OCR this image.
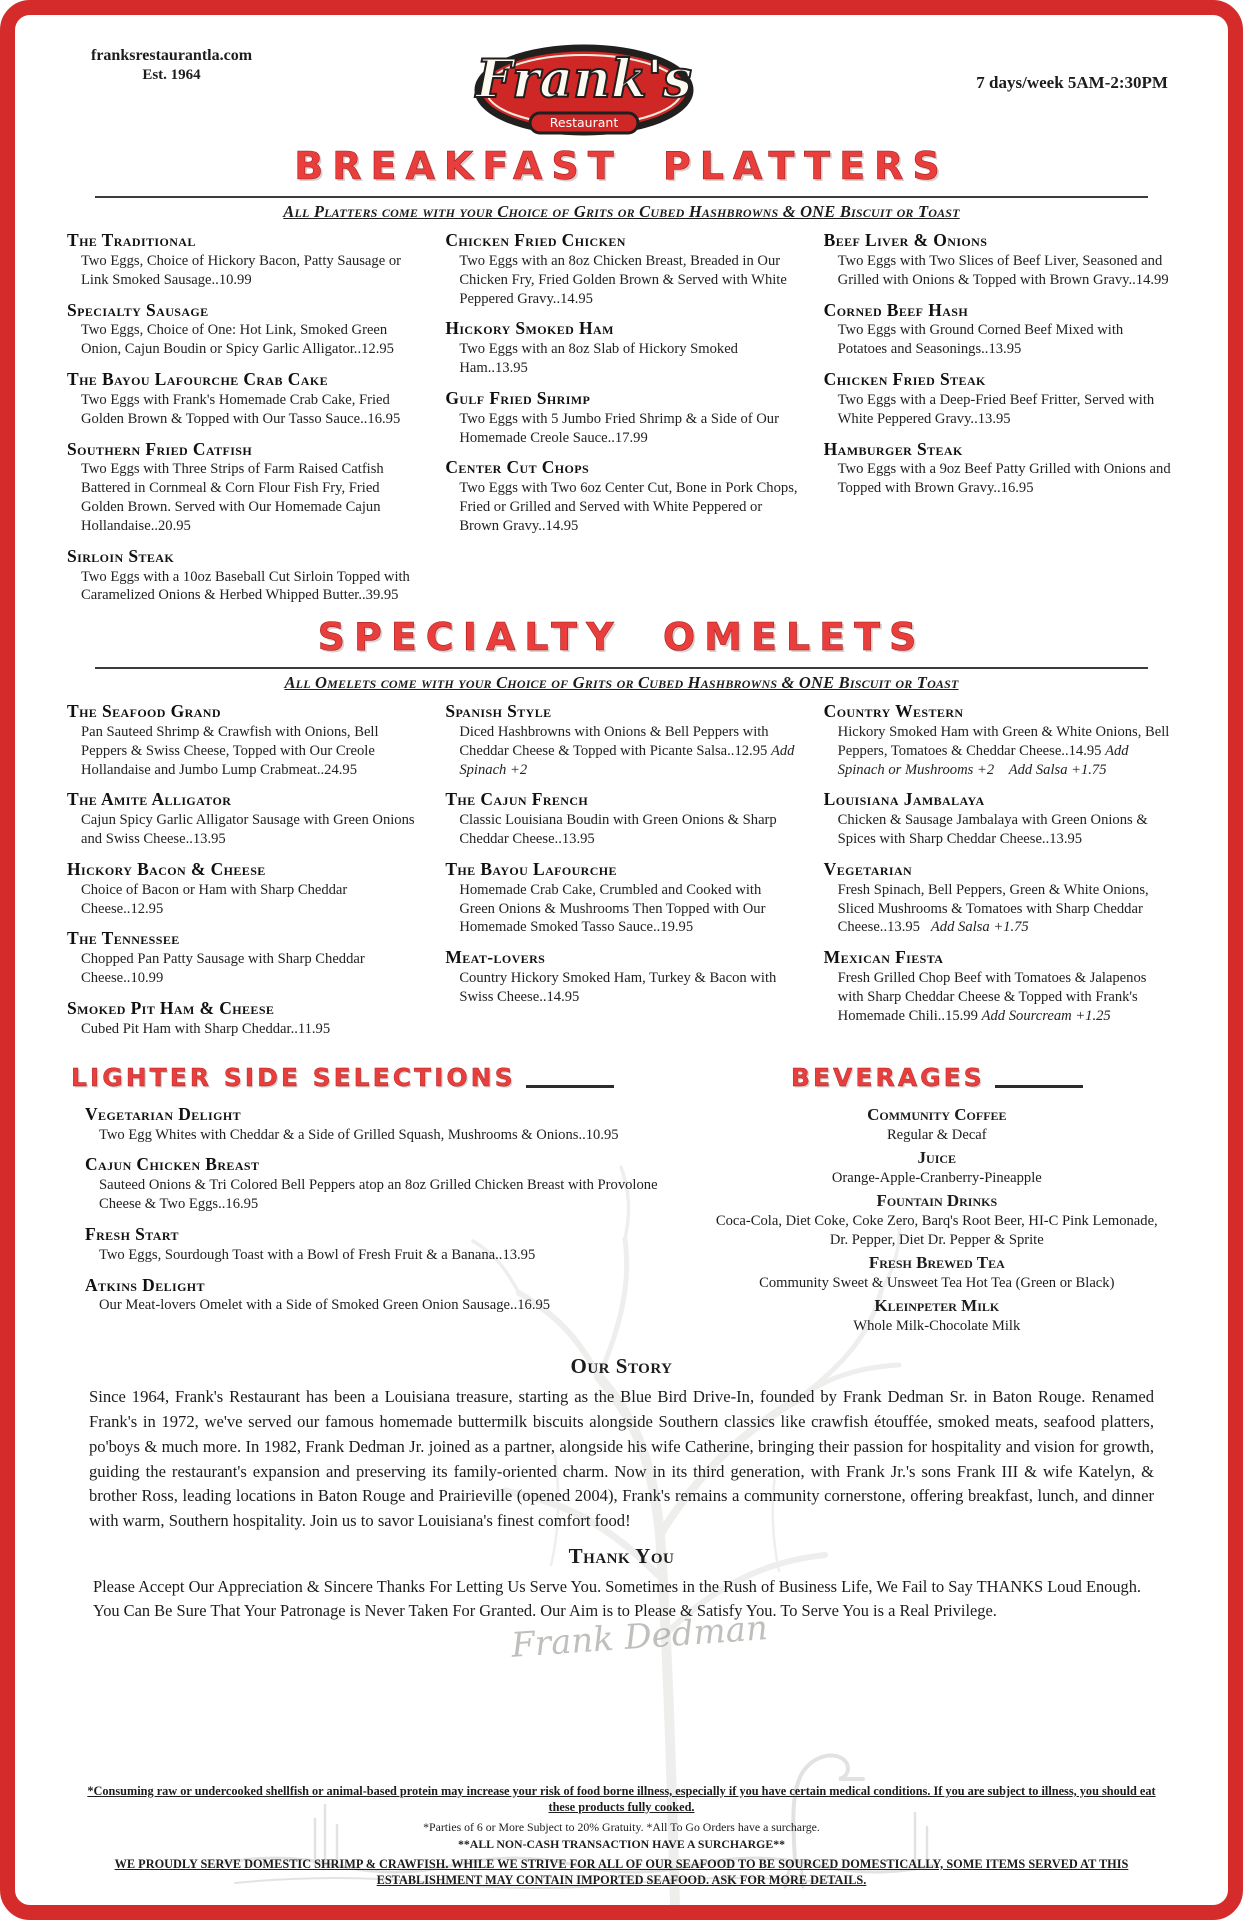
franksrestaurantla.com
Est. 1964	Frank's
Restaurant
7 days/week 5AM-2:30PM
BREAKFAST PLATTERS
All Platters come with your Choice of Grits or Cubed Hashbrowns & ONE Biscuit or Toast
The Traditional

Two Eggs, Choice of Hickory Bacon, Patty Sausage or Link Smoked Sausage..10.99

Specialty Sausage

Two Eggs, Choice of One: Hot Link, Smoked Green Onion, Cajun Boudin or Spicy Garlic Alligator..12.95

The Bayou Lafourche Crab Cake

Two Eggs with Frank's Homemade Crab Cake, Fried Golden Brown & Topped with Our Tasso Sauce..16.95

Southern Fried Catfish

Two Eggs with Three Strips of Farm Raised Catfish Battered in Cornmeal & Corn Flour Fish Fry, Fried Golden Brown. Served with Our Homemade Cajun Hollandaise..20.95

Sirloin Steak

Two Eggs with a 10oz Baseball Cut Sirloin Topped with Caramelized Onions & Herbed Whipped Butter..39.95

Chicken Fried Chicken

Two Eggs with an 8oz Chicken Breast, Breaded in Our Chicken Fry, Fried Golden Brown & Served with White Peppered Gravy..14.95

Hickory Smoked Ham

Two Eggs with an 8oz Slab of Hickory Smoked Ham..13.95

Gulf Fried Shrimp

Two Eggs with 5 Jumbo Fried Shrimp & a Side of Our Homemade Creole Sauce..17.99

Center Cut Chops

Two Eggs with Two 6oz Center Cut, Bone in Pork Chops, Fried or Grilled and Served with White Peppered or Brown Gravy..14.95

Beef Liver & Onions

Two Eggs with Two Slices of Beef Liver, Seasoned and Grilled with Onions & Topped with Brown Gravy..14.99

Corned Beef Hash

Two Eggs with Ground Corned Beef Mixed with Potatoes and Seasonings..13.95

Chicken Fried Steak

Two Eggs with a Deep-Fried Beef Fritter, Served with White Peppered Gravy..13.95

Hamburger Steak

Two Eggs with a 9oz Beef Patty Grilled with Onions and Topped with Brown Gravy..16.95

SPECIALTY OMELETS
All Omelets come with your Choice of Grits or Cubed Hashbrowns & ONE Biscuit or Toast
The Seafood Grand

Pan Sauteed Shrimp & Crawfish with Onions, Bell Peppers & Swiss Cheese, Topped with Our Creole Hollandaise and Jumbo Lump Crabmeat..24.95

The Amite Alligator

Cajun Spicy Garlic Alligator Sausage with Green Onions and Swiss Cheese..13.95

Hickory Bacon & Cheese

Choice of Bacon or Ham with Sharp Cheddar Cheese..12.95

The Tennessee

Chopped Pan Patty Sausage with Sharp Cheddar Cheese..10.99

Smoked Pit Ham & Cheese

Cubed Pit Ham with Sharp Cheddar..11.95

Spanish Style

Diced Hashbrowns with Onions & Bell Peppers with Cheddar Cheese & Topped with Picante Salsa..12.95 Add Spinach +2

The Cajun French

Classic Louisiana Boudin with Green Onions & Sharp Cheddar Cheese..13.95

The Bayou Lafourche

Homemade Crab Cake, Crumbled and Cooked with Green Onions & Mushrooms Then Topped with Our Homemade Smoked Tasso Sauce..19.95

Meat-lovers

Country Hickory Smoked Ham, Turkey & Bacon with Swiss Cheese..14.95

Country Western

Hickory Smoked Ham with Green & White Onions, Bell Peppers, Tomatoes & Cheddar Cheese..14.95 Add Spinach or Mushrooms +2    Add Salsa +1.75

Louisiana Jambalaya

Chicken & Sausage Jambalaya with Green Onions & Spices with Sharp Cheddar Cheese..13.95

Vegetarian

Fresh Spinach, Bell Peppers, Green & White Onions, Sliced Mushrooms & Tomatoes with Sharp Cheddar Cheese..13.95   Add Salsa +1.75

Mexican Fiesta

Fresh Grilled Chop Beef with Tomatoes & Jalapenos with Sharp Cheddar Cheese & Topped with Frank's Homemade Chili..15.99 Add Sourcream +1.25

LIGHTER SIDE SELECTIONS
Vegetarian Delight

Two Egg Whites with Cheddar & a Side of Grilled Squash, Mushrooms & Onions..10.95

Cajun Chicken Breast

Sauteed Onions & Tri Colored Bell Peppers atop an 8oz Grilled Chicken Breast with Provolone Cheese & Two Eggs..16.95

Fresh Start

Two Eggs, Sourdough Toast with a Bowl of Fresh Fruit & a Banana..13.95

Atkins Delight

Our Meat-lovers Omelet with a Side of Smoked Green Onion Sausage..16.95

BEVERAGES
Community Coffee
Regular & Decaf
Juice
Orange-Apple-Cranberry-Pineapple
Fountain Drinks
Coca-Cola, Diet Coke, Coke Zero, Barq's Root Beer, HI-C Pink Lemonade, Dr. Pepper, Diet Dr. Pepper & Sprite
Fresh Brewed Tea
Community Sweet & Unsweet Tea Hot Tea (Green or Black)
Kleinpeter Milk
Whole Milk-Chocolate Milk
Our Story

Since 1964, Frank's Restaurant has been a Louisiana treasure, starting as the Blue Bird Drive-In, founded by Frank Dedman Sr. in Baton Rouge. Renamed Frank's in 1972, we've served our famous homemade buttermilk biscuits alongside Southern classics like crawfish étouffée, smoked meats, seafood platters, po'boys & much more. In 1982, Frank Dedman Jr. joined as a partner, alongside his wife Catherine, bringing their passion for hospitality and vision for growth, guiding the restaurant's expansion and preserving its family-oriented charm. Now in its third generation, with Frank Jr.'s sons Frank III & wife Katelyn, & brother Ross, leading locations in Baton Rouge and Prairieville (opened 2004), Frank's remains a community cornerstone, offering breakfast, lunch, and dinner with warm, Southern hospitality. Join us to savor Louisiana's finest comfort food!

Thank You

Please Accept Our Appreciation & Sincere Thanks For Letting Us Serve You. Sometimes in the Rush of Business Life, We Fail to Say THANKS Loud Enough. You Can Be Sure That Your Patronage is Never Taken For Granted. Our Aim is to Please & Satisfy You. To Serve You is a Real Privilege.

Frank Dedman
*Consuming raw or undercooked shellfish or animal-based protein may increase your risk of food borne illness, especially if you have certain medical conditions. If you are subject to illness, you should eat these products fully cooked.
*Parties of 6 or More Subject to 20% Gratuity. *All To Go Orders have a surcharge.
**ALL NON-CASH TRANSACTION HAVE A SURCHARGE**
WE PROUDLY SERVE DOMESTIC SHRIMP & CRAWFISH. WHILE WE STRIVE FOR ALL OF OUR SEAFOOD TO BE SOURCED DOMESTICALLY, SOME ITEMS SERVED AT THIS ESTABLISHMENT MAY CONTAIN IMPORTED SEAFOOD. ASK FOR MORE DETAILS.
